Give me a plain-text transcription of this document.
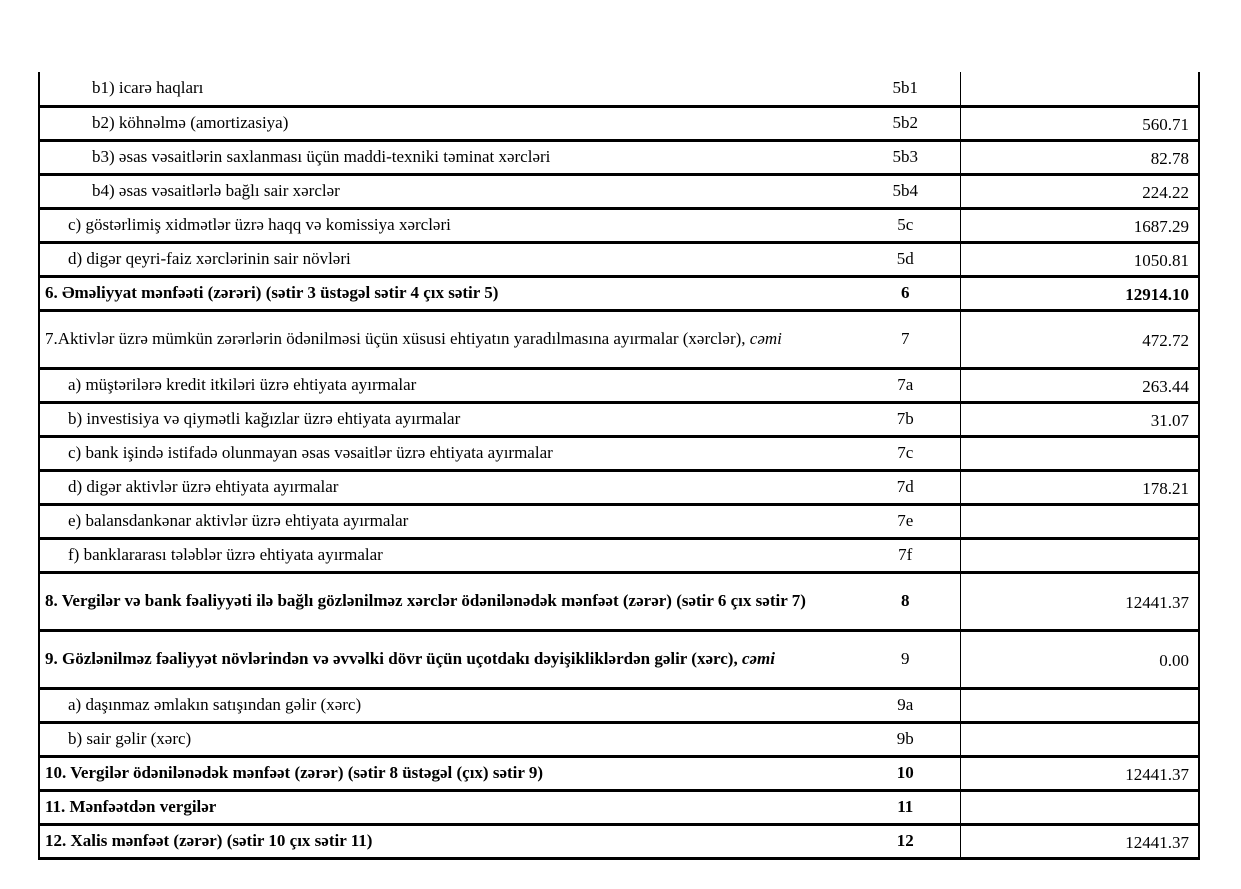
b1) icarə haqları	5b1	
b2) köhnəlmə (amortizasiya)	5b2	560.71
b3) əsas vəsaitlərin saxlanması üçün maddi-texniki təminat xərcləri	5b3	82.78
b4) əsas vəsaitlərlə bağlı sair xərclər	5b4	224.22
c) göstərlimiş xidmətlər üzrə haqq və komissiya xərcləri	5c	1687.29
d) digər qeyri-faiz xərclərinin sair növləri	5d	1050.81
6. Əməliyyat mənfəəti (zərəri) (sətir 3 üstəgəl sətir 4 çıx sətir 5)	6	12914.10
7.Aktivlər üzrə mümkün zərərlərin ödənilməsi üçün xüsusi ehtiyatın yaradılmasına ayırmalar (xərclər), cəmi	7	472.72
a) müştərilərə kredit itkiləri üzrə ehtiyata ayırmalar	7a	263.44
b) investisiya və qiymətli kağızlar üzrə ehtiyata ayırmalar	7b	31.07
c) bank işində istifadə olunmayan əsas vəsaitlər üzrə ehtiyata ayırmalar	7c	
d) digər aktivlər üzrə ehtiyata ayırmalar	7d	178.21
e) balansdankənar aktivlər üzrə ehtiyata ayırmalar	7e	
f) banklararası tələblər üzrə ehtiyata ayırmalar	7f	
8. Vergilər və bank fəaliyyəti ilə bağlı gözlənilməz xərclər ödənilənədək mənfəət (zərər) (sətir 6 çıx sətir 7)	8	12441.37
9. Gözlənilməz fəaliyyət növlərindən və əvvəlki dövr üçün uçotdakı dəyişikliklərdən gəlir (xərc), cəmi	9	0.00
a) daşınmaz əmlakın satışından gəlir (xərc)	9a	
b) sair gəlir (xərc)	9b	
10. Vergilər ödənilənədək mənfəət (zərər) (sətir 8 üstəgəl (çıx) sətir 9)	10	12441.37
11. Mənfəətdən vergilər	11	
12. Xalis mənfəət (zərər) (sətir 10 çıx sətir 11)	12	12441.37
